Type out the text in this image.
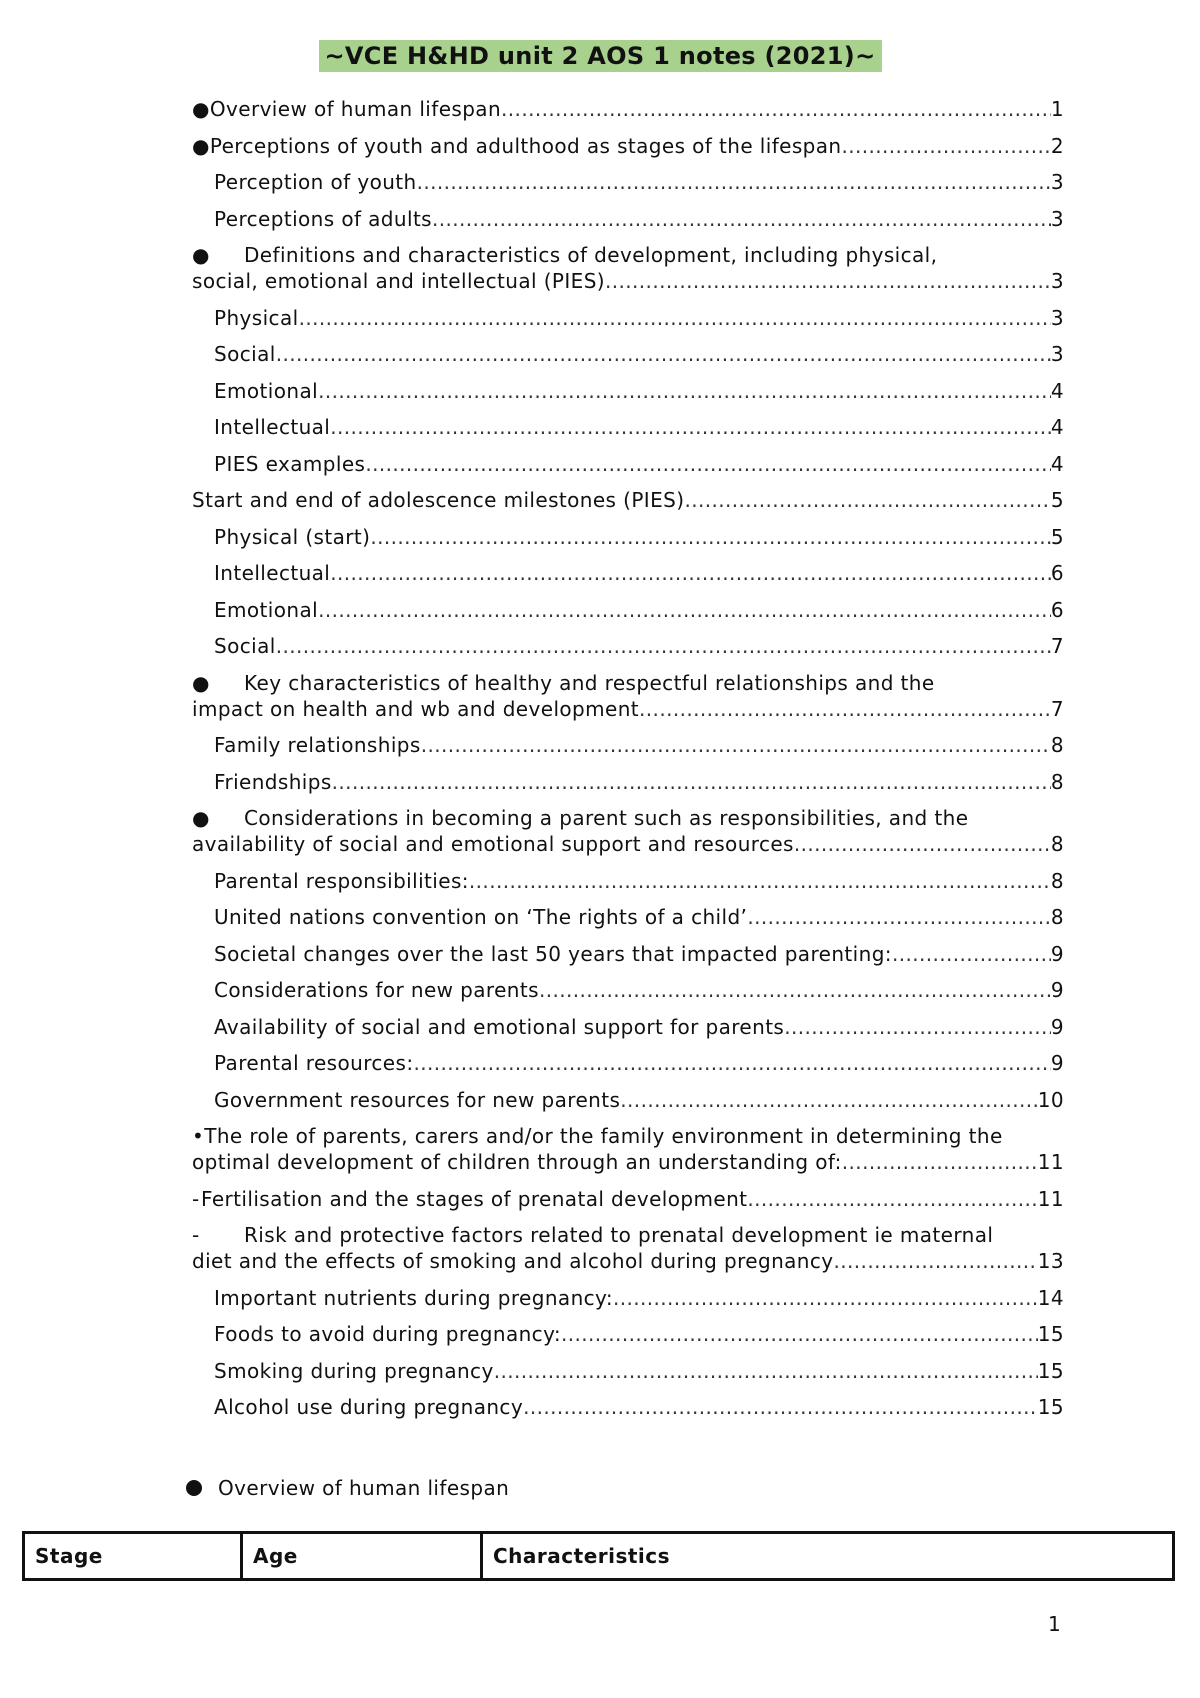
~VCE H&HD unit 2 AOS 1 notes (2021)~
● Overview of human lifespan .....	1
● Perceptions of youth and adulthood as stages of the lifespan .....	2
Perception of youth .....	3
Perceptions of adults .....	3
● Definitions and characteristics of development, including physical,
social, emotional and intellectual (PIES) .....	3
Physical .....	3
Social .....	3
Emotional .....	4
Intellectual .....	4
PIES examples .....	4
Start and end of adolescence milestones (PIES) .....	5
Physical (start) .....	5
Intellectual .....	6
Emotional .....	6
Social .....	7
● Key characteristics of healthy and respectful relationships and the
impact on health and wb and development .....	7
Family relationships .....	8
Friendships .....	8
● Considerations in becoming a parent such as responsibilities, and the
availability of social and emotional support and resources .....	8
Parental responsibilities: .....	8
United nations convention on ‘The rights of a child’ .....	8
Societal changes over the last 50 years that impacted parenting: .....	9
Considerations for new parents .....	9
Availability of social and emotional support for parents .....	9
Parental resources: .....	9
Government resources for new parents .....	10
•The role of parents, carers and/or the family environment in determining the
optimal development of children through an understanding of: .....	11
- Fertilisation and the stages of prenatal development .....	11
- Risk and protective factors related to prenatal development ie maternal
diet and the effects of smoking and alcohol during pregnancy .....	13
Important nutrients during pregnancy: .....	14
Foods to avoid during pregnancy: .....	15
Smoking during pregnancy .....	15
Alcohol use during pregnancy .....	15
Overview of human lifespan
Stage	Age	Characteristics
1
